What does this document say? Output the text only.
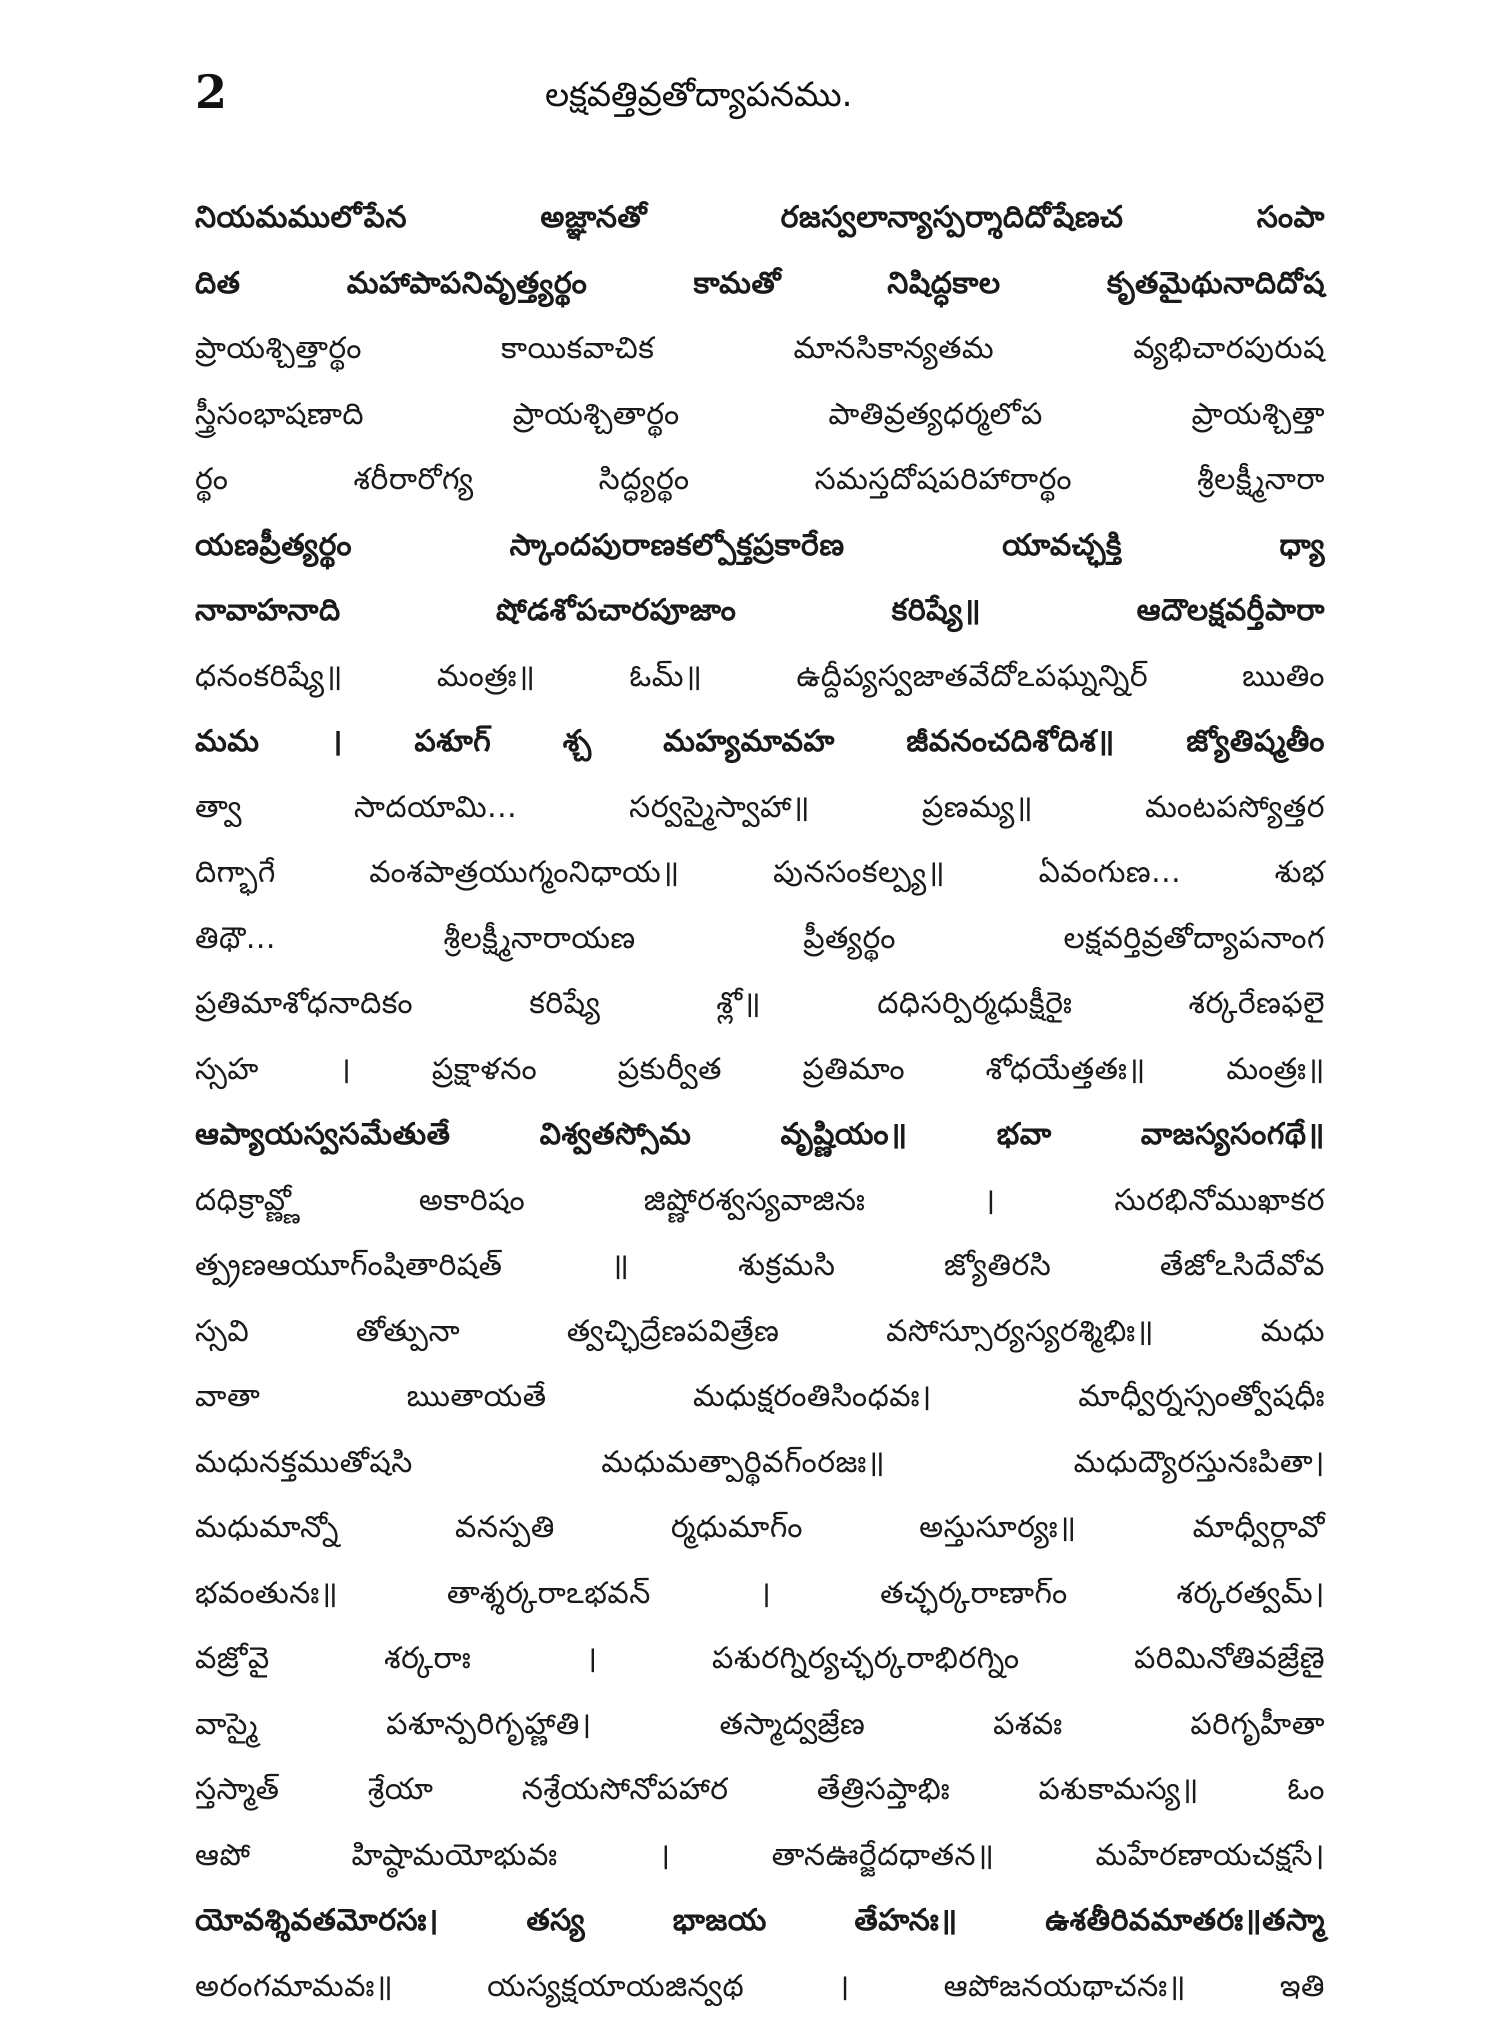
2	లక్షవత్తివ్రతోద్యాపనము.
నియమములోపేన అజ్ఞానతో రజస్వలాన్యాస్పర్శాదిదోషేణచ సంపా
దిత మహాపాపనివృత్త్యర్థం కామతో నిషిద్ధకాల కృతమైథునాదిదోష
ప్రాయశ్చిత్తార్థం కాయికవాచిక మానసికాన్యతమ వ్యభిచారపురుష
స్త్రీసంభాషణాది ప్రాయశ్చితార్థం పాతివ్రత్యధర్మలోప ప్రాయశ్చిత్తా
ర్థం శరీరారోగ్య సిద్ధ్యర్థం సమస్తదోషపరిహారార్థం శ్రీలక్ష్మీనారా
యణప్రీత్యర్థం స్కాందపురాణకల్పోక్తప్రకారేణ యావచ్ఛక్తి ధ్యా
నావాహనాది షోడశోపచారపూజాం కరిష్యే॥ ఆదౌలక్షవర్తీపారా
ధనంకరిష్యే॥ మంత్రః॥ ఓమ్॥ ఉద్దీప్యస్వజాతవేదోఽపఘ్నన్నిర్ ఋతిం
మమ । పశూగ్ శ్చ మహ్యమావహ జీవనంచదిశోదిశ॥ జ్యోతిష్మతీం
త్వా సాదయామి... సర్వస్మైస్వాహా॥ ప్రణమ్య॥ మంటపస్యోత్తర
దిగ్భాగే వంశపాత్రయుగ్మంనిధాయ॥ పునసంకల్ప్య॥ ఏవంగుణ... శుభ
తిథౌ... శ్రీలక్ష్మీనారాయణ ప్రీత్యర్థం లక్షవర్తివ్రతోద్యాపనాంగ
ప్రతిమాశోధనాదికం కరిష్యే శ్లో॥ దధిసర్పిర్మధుక్షీరైః శర్కరేణఫలై
స్సహ । ప్రక్షాళనం ప్రకుర్వీత ప్రతిమాం శోధయేత్తతః॥ మంత్రః॥
ఆప్యాయస్వసమేతుతే విశ్వతస్సోమ వృష్ణియం॥ భవా వాజస్యసంగథే॥
దధిక్రావ్ణ్ణో అకారిషం జిష్ణోరశ్వస్యవాజినః । సురభినోముఖాకర
త్ప్రణఆయూగ్ంషితారిషత్ ॥ శుక్రమసి జ్యోతిరసి తేజోఽసిదేవోవ
స్సవి తోత్పునా త్వచ్ఛిద్రేణపవిత్రేణ వసోస్సూర్యస్యరశ్మిభిః॥ మధు
వాతా ఋతాయతే మధుక్షరంతిసింధవః। మాధ్వీర్నస్సంత్వోషధీః
మధునక్తముతోషసి మధుమత్పార్థివగ్ంరజః॥ మధుద్యౌరస్తునఃపితా।
మధుమాన్నో వనస్పతి ర్మధుమాగ్ం అస్తుసూర్యః॥ మాధ్వీర్గావో
భవంతునః॥ తాశ్శర్కరాఽభవన్ । తచ్ఛర్కరాణాగ్ం శర్కరత్వమ్।
వజ్రోవై శర్కరాః । పశురగ్నిర్యచ్ఛర్కరాభిరగ్నిం పరిమినోతివజ్రేణై
వాస్మై పశూన్పరిగృహ్ణాతి। తస్మాద్వజ్రేణ పశవః పరిగృహీతా
స్తస్మాత్ శ్రేయా నశ్రేయసోనోపహార తేత్రిసప్తాభిః పశుకామస్య॥ ఓం
ఆపో హిష్ఠామయోభువః । తానఊర్జేదధాతన॥ మహేరణాయచక్షసే।
యోవశ్శివతమోరసః। తస్య భాజయ తేహనః॥ ఉశతీరివమాతరః॥తస్మా
అరంగమామవః॥ యస్యక్షయాయజిన్వథ । ఆపోజనయథాచనః॥ ఇతి
